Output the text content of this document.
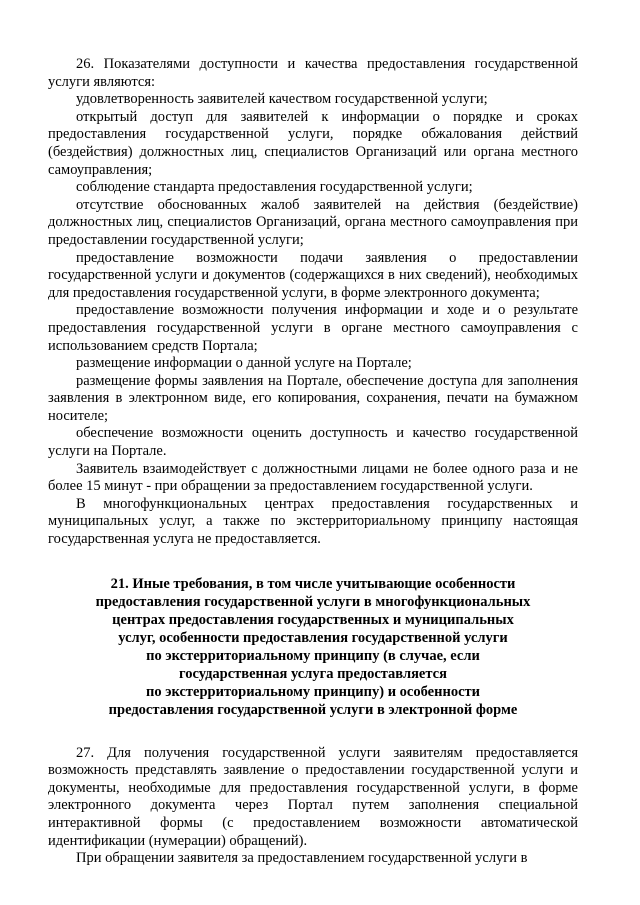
26. Показателями доступности и качества предоставления государственной услуги являются:

удовлетворенность заявителей качеством государственной услуги;

открытый доступ для заявителей к информации о порядке и сроках предоставления государственной услуги, порядке обжалования действий (бездействия) должностных лиц, специалистов Организаций или органа местного самоуправления;

соблюдение стандарта предоставления государственной услуги;

отсутствие обоснованных жалоб заявителей на действия (бездействие) должностных лиц, специалистов Организаций, органа местного самоуправления при предоставлении государственной услуги;

предоставление возможности подачи заявления о предоставлении государственной услуги и документов (содержащихся в них сведений), необходимых для предоставления государственной услуги, в форме электронного документа;

предоставление возможности получения информации и ходе и о результате предоставления государственной услуги в органе местного самоуправления с использованием средств Портала;

размещение информации о данной услуге на Портале;

размещение формы заявления на Портале, обеспечение доступа для заполнения заявления в электронном виде, его копирования, сохранения, печати на бумажном носителе;

обеспечение возможности оценить доступность и качество государственной услуги на Портале.

Заявитель взаимодействует с должностными лицами не более одного раза и не более 15 минут - при обращении за предоставлением государственной услуги.

В многофункциональных центрах предоставления государственных и муниципальных услуг, а также по экстерриториальному принципу настоящая государственная услуга не предоставляется.

21. Иные требования, в том числе учитывающие особенности
предоставления государственной услуги в многофункциональных
центрах предоставления государственных и муниципальных
услуг, особенности предоставления государственной услуги
по экстерриториальному принципу (в случае, если
государственная услуга предоставляется
по экстерриториальному принципу) и особенности
предоставления государственной услуги в электронной форме

27. Для получения государственной услуги заявителям предоставляется возможность представлять заявление о предоставлении государственной услуги и документы, необходимые для предоставления государственной услуги, в форме электронного документа через Портал путем заполнения специальной интерактивной формы (с предоставлением возможности автоматической идентификации (нумерации) обращений).

При обращении заявителя за предоставлением государственной услуги в
